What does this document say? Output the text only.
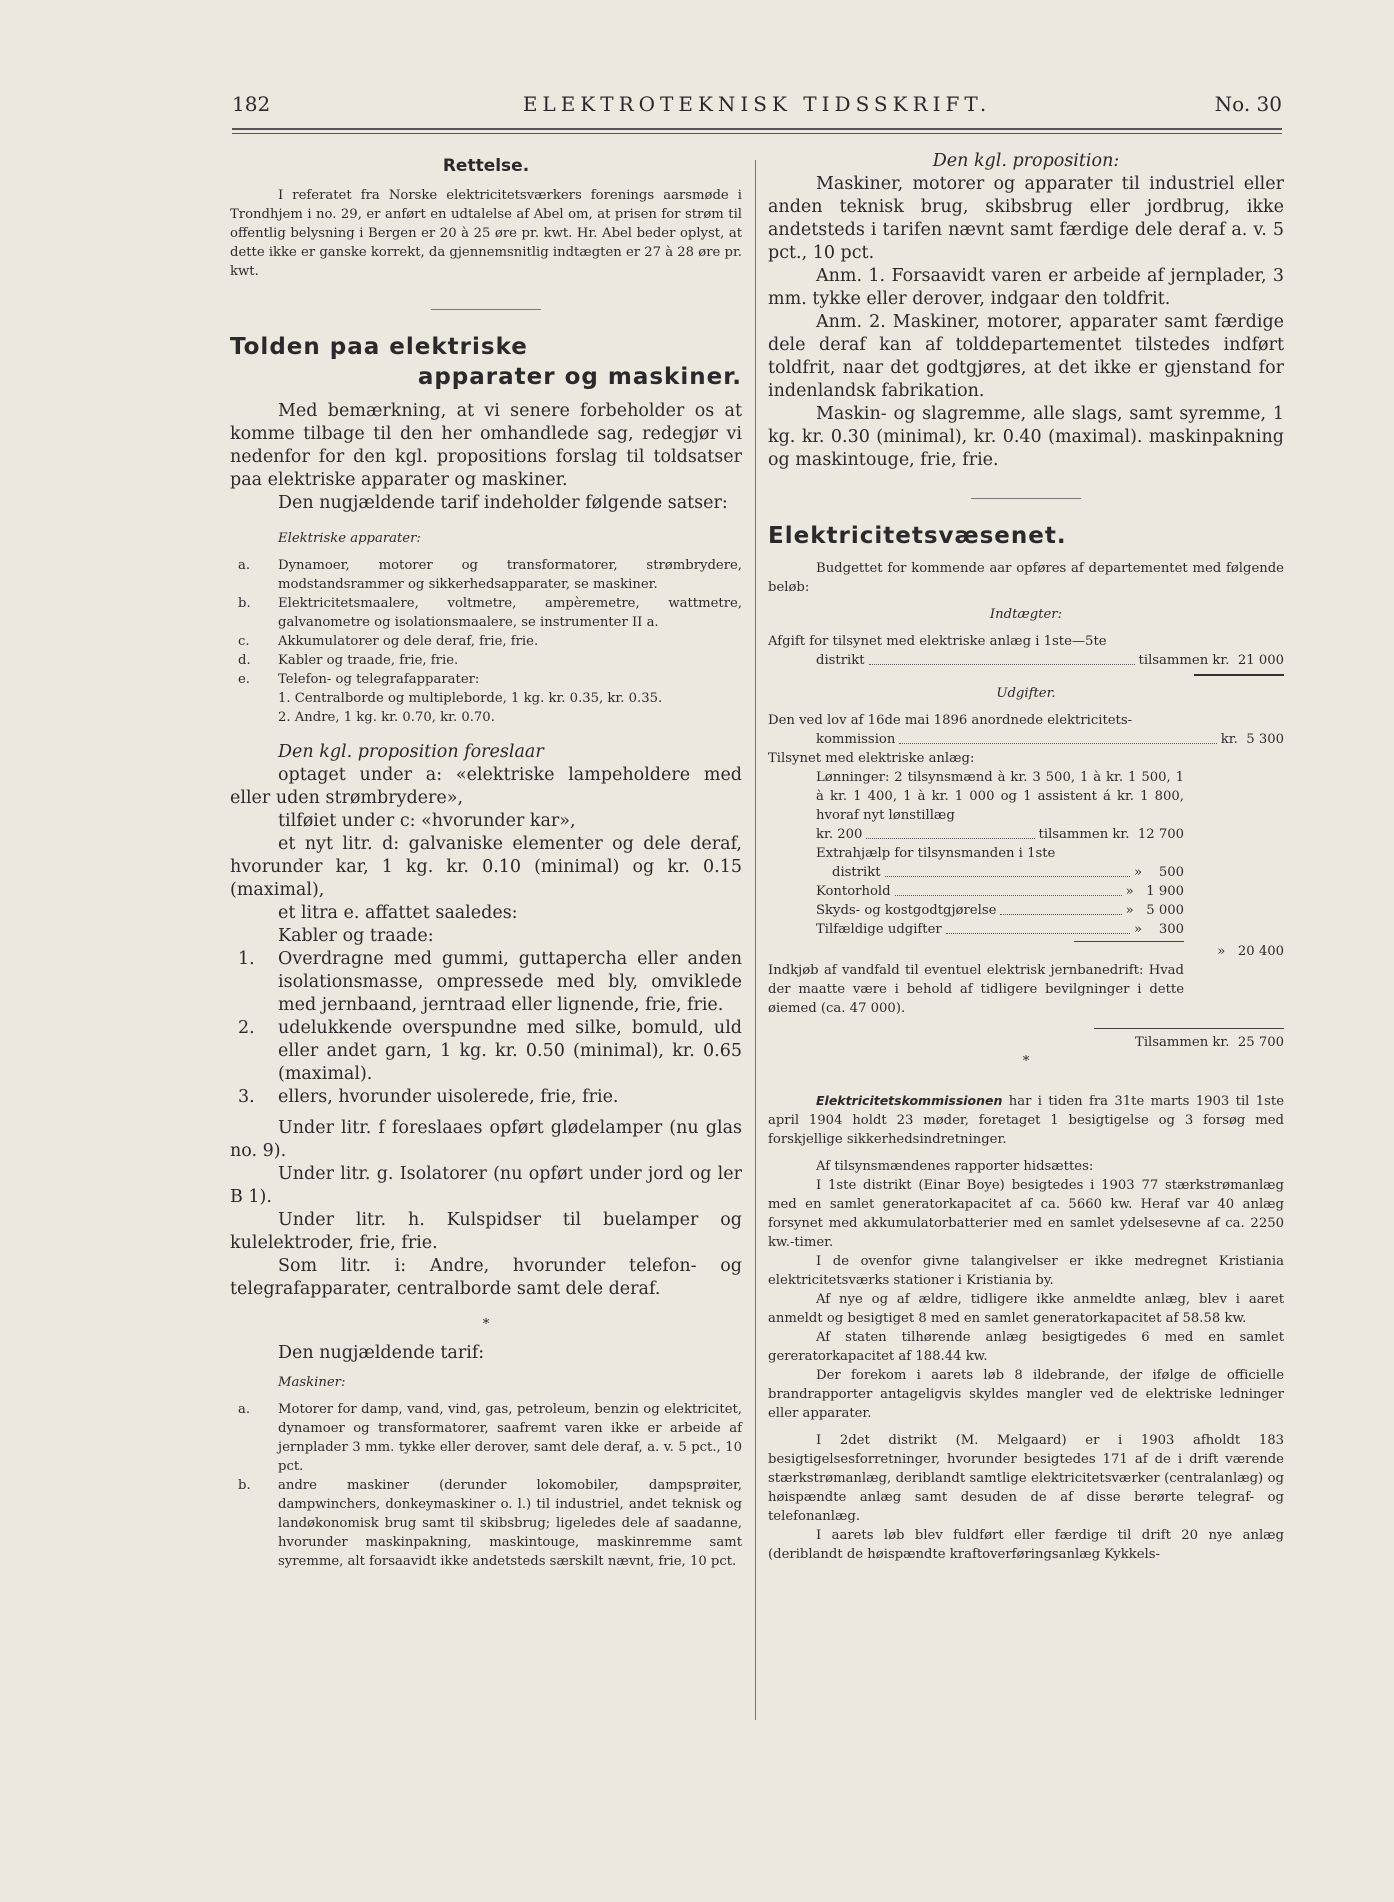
182	ELEKTROTEKNISK TIDSSKRIFT.	No. 30
Rettelse.

I referatet fra Norske elektricitetsværkers forenings aarsmøde i Trondhjem i no. 29, er anført en udtalelse af Abel om, at prisen for strøm til offentlig belysning i Bergen er 20 à 25 øre pr. kwt. Hr. Abel beder oplyst, at dette ikke er ganske korrekt, da gjennemsnitlig indtægten er 27 à 28 øre pr. kwt.

Tolden paa elektriske
apparater og maskiner.

Med bemærkning, at vi senere forbeholder os at komme tilbage til den her omhandlede sag, redegjør vi nedenfor for den kgl. propositions forslag til toldsatser paa elektriske apparater og maskiner.

Den nugjældende tarif indeholder følgende satser:

Elektriske apparater:

a. Dynamoer, motorer og transformatorer, strømbrydere, modstandsrammer og sikkerhedsapparater, se maskiner.
b. Elektricitetsmaalere, voltmetre, ampèremetre, wattmetre, galvanometre og isolationsmaalere, se instrumenter II a.
c. Akkumulatorer og dele deraf, frie, frie.
d. Kabler og traade, frie, frie.
e. Telefon- og telegrafapparater:
1. Centralborde og multipleborde, 1 kg. kr. 0.35, kr. 0.35.
2. Andre, 1 kg. kr. 0.70, kr. 0.70.

Den kgl. proposition foreslaar

optaget under a: «elektriske lampeholdere med eller uden strømbrydere»,

tilføiet under c: «hvorunder kar»,

et nyt litr. d: galvaniske elementer og dele deraf, hvorunder kar, 1 kg. kr. 0.10 (minimal) og kr. 0.15 (maximal),

et litra e. affattet saaledes:

Kabler og traade:

1. Overdragne med gummi, guttapercha eller anden isolationsmasse, ompressede med bly, omviklede med jernbaand, jerntraad eller lignende, frie, frie.
2. udelukkende overspundne med silke, bomuld, uld eller andet garn, 1 kg. kr. 0.50 (minimal), kr. 0.65 (maximal).
3. ellers, hvorunder uisolerede, frie, frie.

Under litr. f foreslaaes opført glødelamper (nu glas no. 9).

Under litr. g. Isolatorer (nu opført under jord og ler B 1).

Under litr. h. Kulspidser til buelamper og kulelektroder, frie, frie.

Som litr. i: Andre, hvorunder telefon- og telegrafapparater, centralborde samt dele deraf.

*

Den nugjældende tarif:

Maskiner:

a. Motorer for damp, vand, vind, gas, petroleum, benzin og elektricitet, dynamoer og transformatorer, saafremt varen ikke er arbeide af jernplader 3 mm. tykke eller derover, samt dele deraf, a. v. 5 pct., 10 pct.
b. andre maskiner (derunder lokomobiler, dampsprøiter, dampwinchers, donkeymaskiner o. l.) til industriel, andet teknisk og landøkonomisk brug samt til skibsbrug; ligeledes dele af saadanne, hvorunder maskinpakning, maskintouge, maskinremme samt syremme, alt forsaavidt ikke andetsteds særskilt nævnt, frie, 10 pct.

Den kgl. proposition:

Maskiner, motorer og apparater til industriel eller anden teknisk brug, skibsbrug eller jordbrug, ikke andetsteds i tarifen nævnt samt færdige dele deraf a. v. 5 pct., 10 pct.

Anm. 1. Forsaavidt varen er arbeide af jernplader, 3 mm. tykke eller derover, indgaar den toldfrit.

Anm. 2. Maskiner, motorer, apparater samt færdige dele deraf kan af tolddepartementet tilstedes indført toldfrit, naar det godtgjøres, at det ikke er gjenstand for indenlandsk fabrikation.

Maskin- og slagremme, alle slags, samt syremme, 1 kg. kr. 0.30 (minimal), kr. 0.40 (maximal). maskinpakning og maskintouge, frie, frie.

Elektricitetsvæsenet.

Budgettet for kommende aar opføres af departementet med følgende beløb:

Indtægter:

Afgift for tilsynet med elektriske anlæg i 1ste—5te
distrikt	tilsammen kr. 21 000

Udgifter.

Den ved lov af 16de mai 1896 anordnede elektricitets-
kommission	kr. 5 300
Tilsynet med elektriske anlæg:
Lønninger: 2 tilsynsmænd à kr. 3 500, 1 à kr. 1 500, 1 à kr. 1 400, 1 à kr. 1 000 og 1 assistent á kr. 1 800, hvoraf nyt lønstillæg
kr. 200	tilsammen kr. 12 700
Extrahjælp for tilsynsmanden i 1ste
distrikt	» 500
Kontorhold	» 1 900
Skyds- og kostgodtgjørelse	» 5 000
Tilfældige udgifter	» 300
» 20 400
Indkjøb af vandfald til eventuel elektrisk jernbanedrift: Hvad der maatte være i behold af tidligere bevilgninger i dette øiemed (ca. 47 000).
Tilsammen kr. 25 700
*

Elektricitetskommissionen har i tiden fra 31te marts 1903 til 1ste april 1904 holdt 23 møder, foretaget 1 besigtigelse og 3 forsøg med forskjellige sikkerhedsindretninger.

Af tilsynsmændenes rapporter hidsættes:

I 1ste distrikt (Einar Boye) besigtedes i 1903 77 stærkstrømanlæg med en samlet generatorkapacitet af ca. 5660 kw. Heraf var 40 anlæg forsynet med akkumulatorbatterier med en samlet ydelsesevne af ca. 2250 kw.-timer.

I de ovenfor givne talangivelser er ikke medregnet Kristiania elektricitetsværks stationer i Kristiania by.

Af nye og af ældre, tidligere ikke anmeldte anlæg, blev i aaret anmeldt og besigtiget 8 med en samlet generatorkapacitet af 58.58 kw.

Af staten tilhørende anlæg besigtigedes 6 med en samlet gereratorkapacitet af 188.44 kw.

Der forekom i aarets løb 8 ildebrande, der ifølge de officielle brandrapporter antageligvis skyldes mangler ved de elektriske ledninger eller apparater.

I 2det distrikt (M. Melgaard) er i 1903 afholdt 183 besigtigelsesforretninger, hvorunder besigtedes 171 af de i drift værende stærkstrømanlæg, deriblandt samtlige elektricitetsværker (centralanlæg) og høispændte anlæg samt desuden de af disse berørte telegraf- og telefonanlæg.

I aarets løb blev fuldført eller færdige til drift 20 nye anlæg (deriblandt de høispændte kraftoverføringsanlæg Kykkels-
